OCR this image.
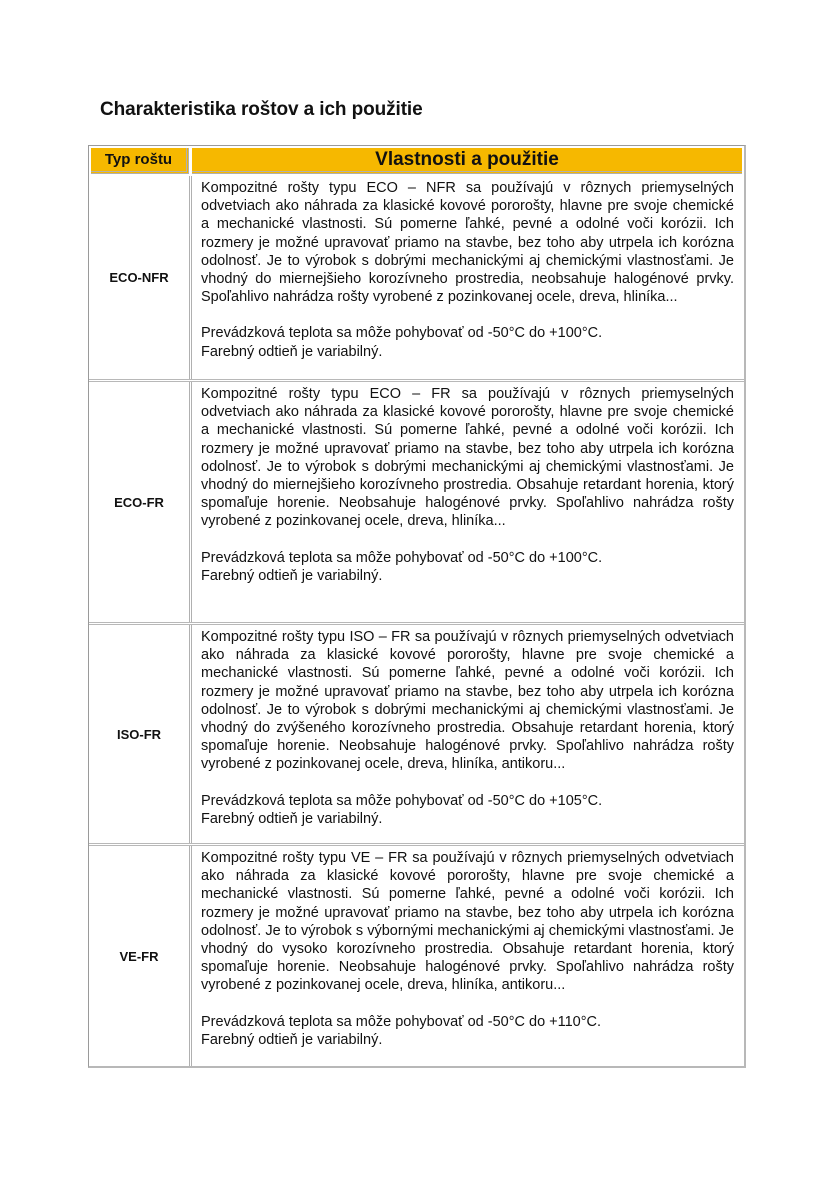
Charakteristika roštov a ich použitie
Typ roštu	Vlastnosti a použitie
ECO-NFR

Kompozitné rošty typu ECO – NFR sa používajú v rôznych priemyselných odvetviach ako náhrada za klasické kovové pororošty, hlavne pre svoje chemické a mechanické vlastnosti. Sú pomerne ľahké, pevné a odolné voči korózii. Ich rozmery je možné upravovať priamo na stavbe, bez toho aby utrpela ich korózna odolnosť. Je to výrobok s dobrými mechanickými aj chemickými vlastnosťami. Je vhodný do miernejšieho korozívneho prostredia, neobsahuje halogénové prvky. Spoľahlivo nahrádza rošty vyrobené z pozinkovanej ocele, dreva, hliníka...

Prevádzková teplota sa môže pohybovať od -50°C do +100°C.

Farebný odtieň je variabilný.

ECO-FR

Kompozitné rošty typu ECO – FR sa používajú v rôznych priemyselných odvetviach ako náhrada za klasické kovové pororošty, hlavne pre svoje chemické a mechanické vlastnosti. Sú pomerne ľahké, pevné a odolné voči korózii. Ich rozmery je možné upravovať priamo na stavbe, bez toho aby utrpela ich korózna odolnosť. Je to výrobok s dobrými mechanickými aj chemickými vlastnosťami. Je vhodný do miernejšieho korozívneho prostredia. Obsahuje retardant horenia, ktorý spomaľuje horenie. Neobsahuje halogénové prvky. Spoľahlivo nahrádza rošty vyrobené z pozinkovanej ocele, dreva, hliníka...

Prevádzková teplota sa môže pohybovať od -50°C do +100°C.

Farebný odtieň je variabilný.

ISO-FR

Kompozitné rošty typu ISO – FR sa používajú v rôznych priemyselných odvetviach ako náhrada za klasické kovové pororošty, hlavne pre svoje chemické a mechanické vlastnosti. Sú pomerne ľahké, pevné a odolné voči korózii. Ich rozmery je možné upravovať priamo na stavbe, bez toho aby utrpela ich korózna odolnosť. Je to výrobok s dobrými mechanickými aj chemickými vlastnosťami. Je vhodný do zvýšeného korozívneho prostredia. Obsahuje retardant horenia, ktorý spomaľuje horenie. Neobsahuje halogénové prvky. Spoľahlivo nahrádza rošty vyrobené z pozinkovanej ocele, dreva, hliníka, antikoru...

Prevádzková teplota sa môže pohybovať od -50°C do +105°C.

Farebný odtieň je variabilný.

VE-FR

Kompozitné rošty typu VE – FR sa používajú v rôznych priemyselných odvetviach ako náhrada za klasické kovové pororošty, hlavne pre svoje chemické a mechanické vlastnosti. Sú pomerne ľahké, pevné a odolné voči korózii. Ich rozmery je možné upravovať priamo na stavbe, bez toho aby utrpela ich korózna odolnosť. Je to výrobok s výbornými mechanickými aj chemickými vlastnosťami. Je vhodný do vysoko korozívneho prostredia. Obsahuje retardant horenia, ktorý spomaľuje horenie. Neobsahuje halogénové prvky. Spoľahlivo nahrádza rošty vyrobené z pozinkovanej ocele, dreva, hliníka, antikoru...

Prevádzková teplota sa môže pohybovať od -50°C do +110°C.

Farebný odtieň je variabilný.
